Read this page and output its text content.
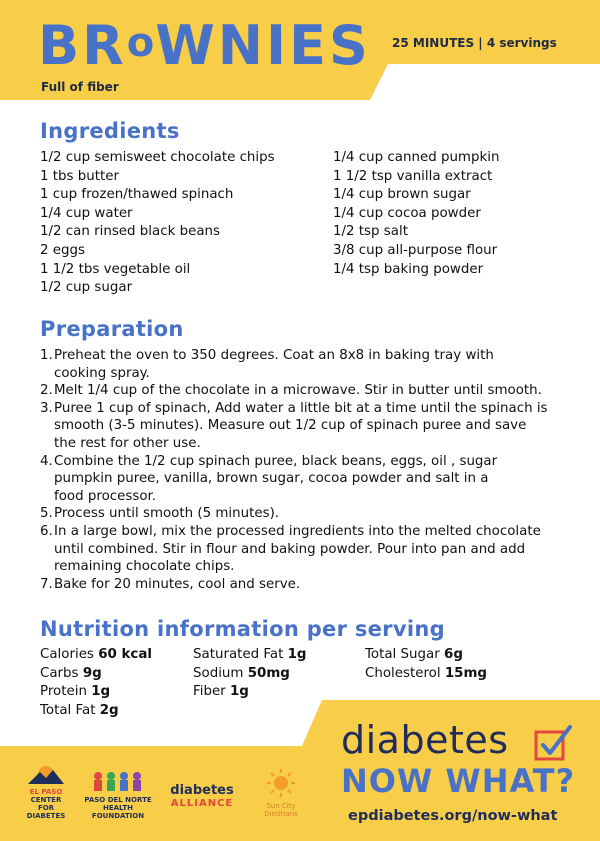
BRoWNIES 25 MINUTES | 4 servings
Full of fiber
Ingredients
1/2 cup semisweet chocolate chips
1 tbs butter
1 cup frozen/thawed spinach
1/4 cup water
1/2 can rinsed black beans
2 eggs
1 1/2 tbs vegetable oil
1/2 cup sugar
1/4 cup canned pumpkin
1 1/2 tsp vanilla extract
1/4 cup brown sugar
1/4 cup cocoa powder
1/2 tsp salt
3/8 cup all-purpose flour
1/4 tsp baking powder
Preparation
1. Preheat the oven to 350 degrees. Coat an 8x8 in baking tray with
cooking spray.
2. Melt 1/4 cup of the chocolate in a microwave. Stir in butter until smooth.
3. Puree 1 cup of spinach, Add water a little bit at a time until the spinach is
smooth (3-5 minutes). Measure out 1/2 cup of spinach puree and save
the rest for other use.
4. Combine the 1/2 cup spinach puree, black beans, eggs, oil , sugar
pumpkin puree, vanilla, brown sugar, cocoa powder and salt in a
food processor.
5. Process until smooth (5 minutes).
6. In a large bowl, mix the processed ingredients into the melted chocolate
until combined. Stir in flour and baking powder. Pour into pan and add
remaining chocolate chips.
7. Bake for 20 minutes, cool and serve.
Nutrition information per serving
Calories 60 kcal
Carbs 9g
Protein 1g
Total Fat 2g
Saturated Fat 1g
Sodium 50mg
Fiber 1g
Total Sugar 6g
Cholesterol 15mg
diabetes
NOW WHAT?
epdiabetes.org/now-what
EL PASO
CENTER FOR
DIABETES
PASO DEL NORTE
HEALTH FOUNDATION
diabetes
ALLIANCE	Sun City Dietitians
